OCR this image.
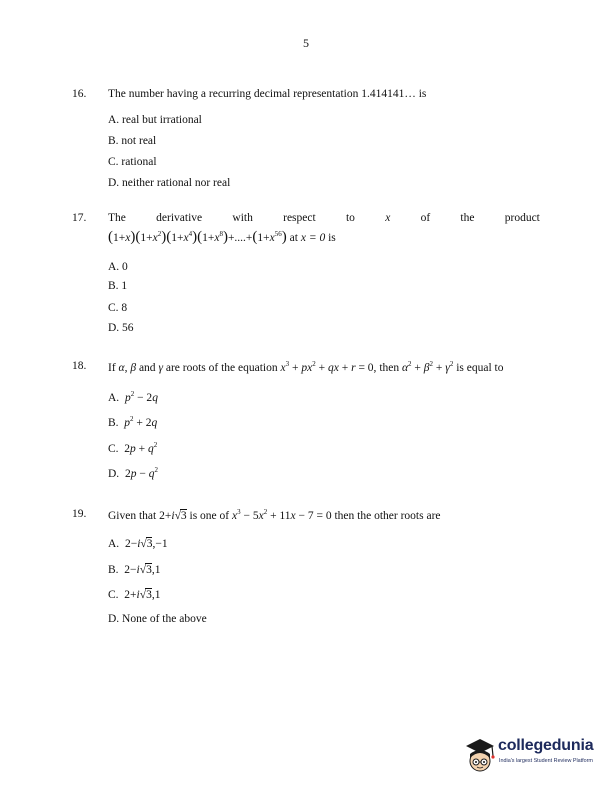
5
16. The number having a recurring decimal representation 1.414141… is
A. real but irrational
B. not real
C. rational
D. neither rational nor real
17. The	derivative	with	respect	to	x	of	the	product
$(1+x)(1+x^2)(1+x^4)(1+x^8)+....+(1+x^{56})$ at x = 0 is
A. 0
B. 1
C. 8
D. 56
18. If α, β and γ are roots of the equation $x^3 + px^2$ + qx + r = 0, then $\alpha^2 + \beta^2 + \gamma^2$ is equal to
A. $p^2 - 2q$
B. $p^2 + 2q$
C.  $2p + q^2$
D.  $2p - q^2$
19. Given that 2+i√3 is one of $x^3 - 5x^2 + 11x - 7 = 0$ then the other roots are
A.  2−i√3,−1
B.  2−i√3,1
C.  2+i√3,1
D. None of the above
collegedunia
India's largest Student Review Platform
